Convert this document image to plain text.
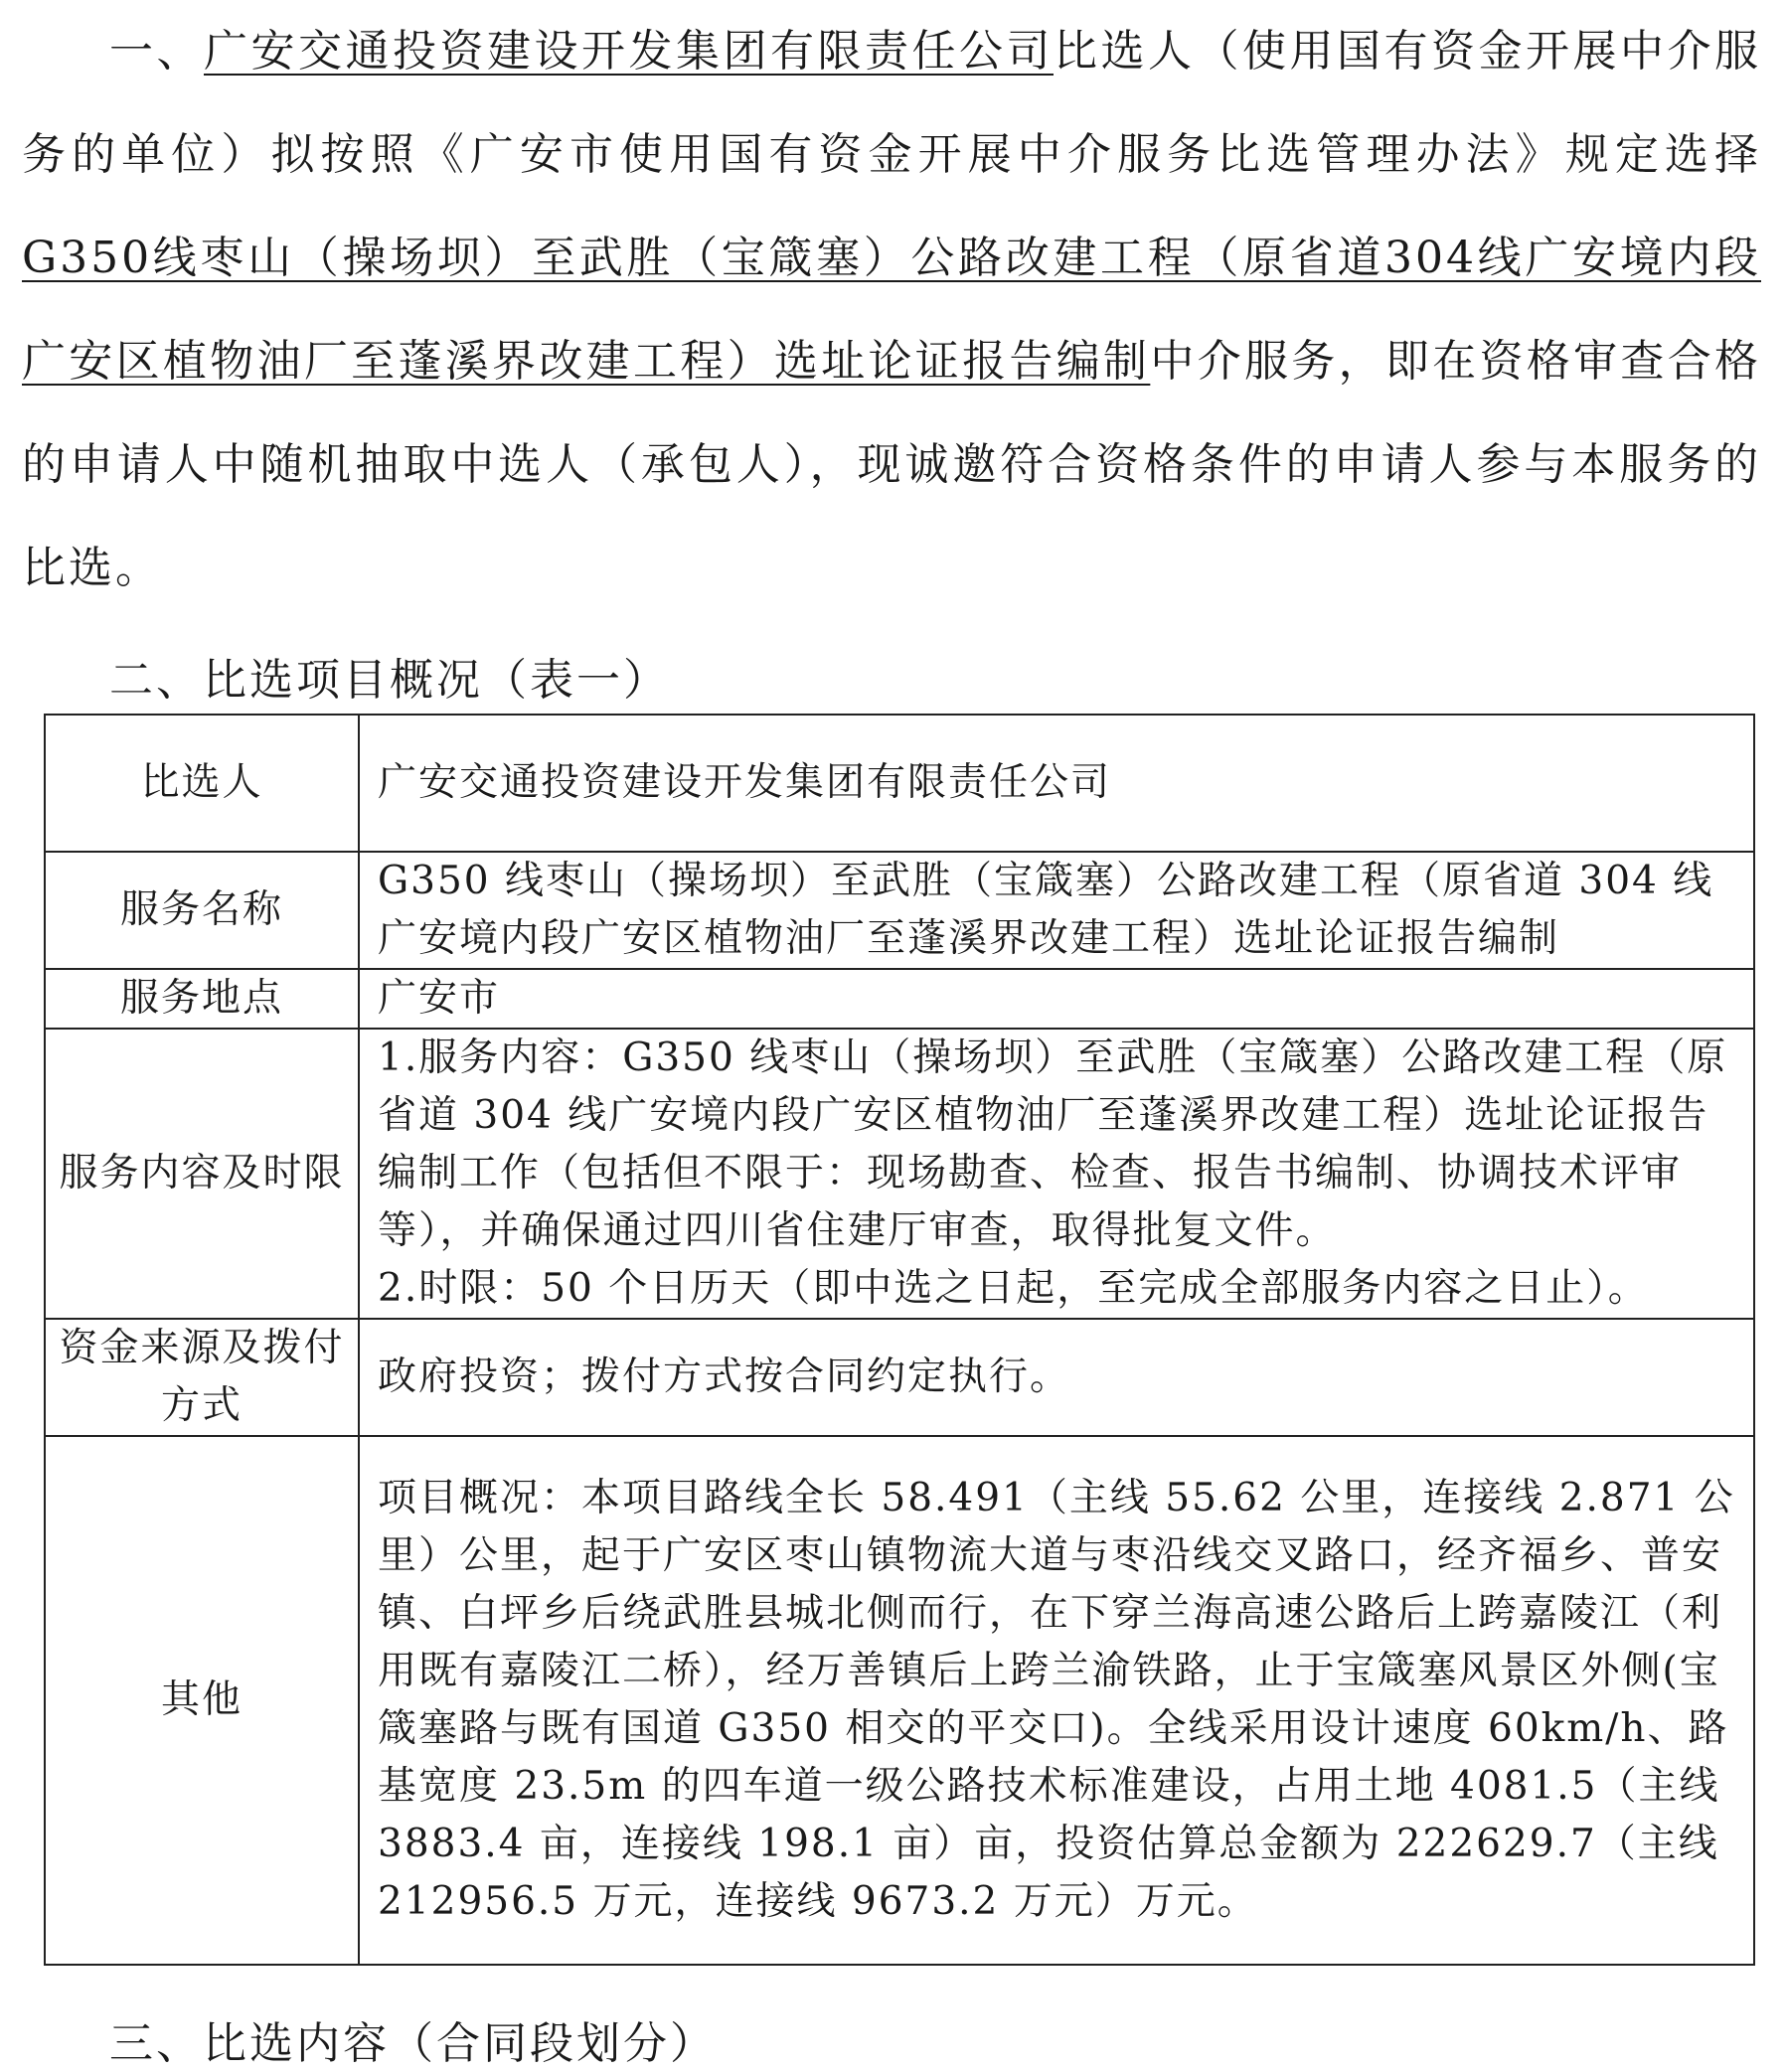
一、广安交通投资建设开发集团有限责任公司比选人（使用国有资金开展中介服务的单位）拟按照《广安市使用国有资金开展中介服务比选管理办法》规定选择G350线枣山（操场坝）至武胜（宝箴塞）公路改建工程（原省道304线广安境内段广安区植物油厂至蓬溪界改建工程）选址论证报告编制中介服务，即在资格审查合格的申请人中随机抽取中选人（承包人），现诚邀符合资格条件的申请人参与本服务的比选。

二、比选项目概况（表一）

比选人	广安交通投资建设开发集团有限责任公司
服务名称	G350 线枣山（操场坝）至武胜（宝箴塞）公路改建工程（原省道 304 线广安境内段广安区植物油厂至蓬溪界改建工程）选址论证报告编制
服务地点	广安市
服务内容及时限	1.服务内容：G350 线枣山（操场坝）至武胜（宝箴塞）公路改建工程（原省道 304 线广安境内段广安区植物油厂至蓬溪界改建工程）选址论证报告编制工作（包括但不限于：现场勘查、检查、报告书编制、协调技术评审等），并确保通过四川省住建厅审查，取得批复文件。
2.时限：50 个日历天（即中选之日起，至完成全部服务内容之日止）。

资金来源及拨付方式	政府投资；拨付方式按合同约定执行。
其他	项目概况：本项目路线全长 58.491（主线 55.62 公里，连接线 2.871 公里）公里，起于广安区枣山镇物流大道与枣沿线交叉路口，经齐福乡、普安镇、白坪乡后绕武胜县城北侧而行，在下穿兰海高速公路后上跨嘉陵江（利用既有嘉陵江二桥），经万善镇后上跨兰渝铁路，止于宝箴塞风景区外侧(宝箴塞路与既有国道 G350 相交的平交口)。全线采用设计速度 60km/h、路基宽度 23.5m 的四车道一级公路技术标准建设，占用土地 4081.5（主线 3883.4 亩，连接线 198.1 亩）亩，投资估算总金额为 222629.7（主线 212956.5 万元，连接线 9673.2 万元）万元。

三、比选内容（合同段划分）
